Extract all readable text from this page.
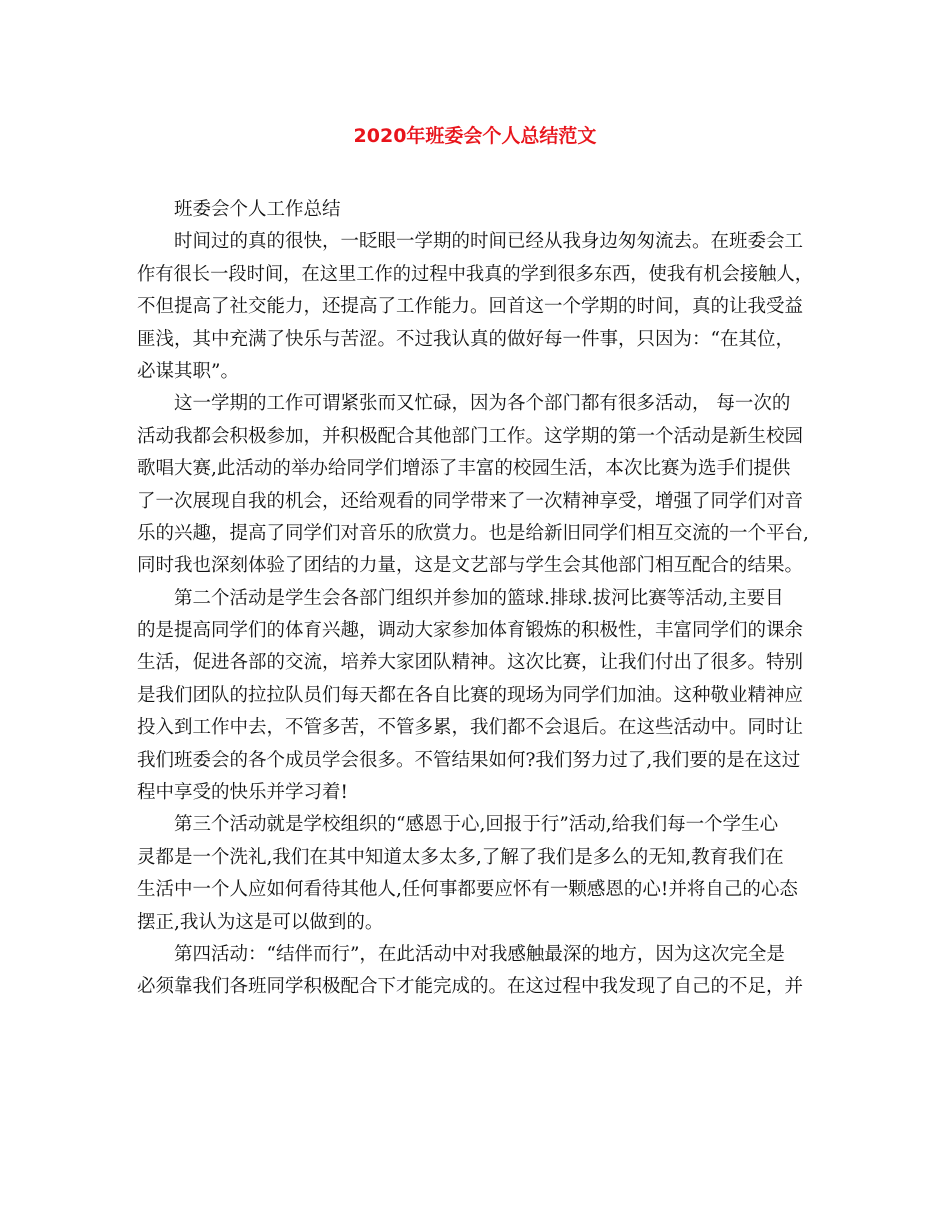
2020年班委会个人总结范文
班委会个人工作总结
时间过的真的很快，一眨眼一学期的时间已经从我身边匆匆流去。在班委会工
作有很长一段时间，在这里工作的过程中我真的学到很多东西，使我有机会接触人，
不但提高了社交能力，还提高了工作能力。回首这一个学期的时间，真的让我受益
匪浅，其中充满了快乐与苦涩。不过我认真的做好每一件事，只因为：“在其位，
必谋其职”。
这一学期的工作可谓紧张而又忙碌，因为各个部门都有很多活动， 每一次的
活动我都会积极参加，并积极配合其他部门工作。这学期的第一个活动是新生校园
歌唱大赛,此活动的举办给同学们增添了丰富的校园生活，本次比赛为选手们提供
了一次展现自我的机会，还给观看的同学带来了一次精神享受，增强了同学们对音
乐的兴趣，提高了同学们对音乐的欣赏力。也是给新旧同学们相互交流的一个平台,
同时我也深刻体验了团结的力量，这是文艺部与学生会其他部门相互配合的结果。
第二个活动是学生会各部门组织并参加的篮球.排球.拔河比赛等活动,主要目
的是提高同学们的体育兴趣，调动大家参加体育锻炼的积极性，丰富同学们的课余
生活，促进各部的交流，培养大家团队精神。这次比赛，让我们付出了很多。特别
是我们团队的拉拉队员们每天都在各自比赛的现场为同学们加油。这种敬业精神应
投入到工作中去，不管多苦，不管多累，我们都不会退后。在这些活动中。同时让
我们班委会的各个成员学会很多。不管结果如何?我们努力过了,我们要的是在这过
程中享受的快乐并学习着!
第三个活动就是学校组织的“感恩于心,回报于行”活动,给我们每一个学生心
灵都是一个洗礼,我们在其中知道太多太多,了解了我们是多么的无知,教育我们在
生活中一个人应如何看待其他人,任何事都要应怀有一颗感恩的心!并将自己的心态
摆正,我认为这是可以做到的。
第四活动：“结伴而行”，在此活动中对我感触最深的地方，因为这次完全是
必须靠我们各班同学积极配合下才能完成的。在这过程中我发现了自己的不足，并
